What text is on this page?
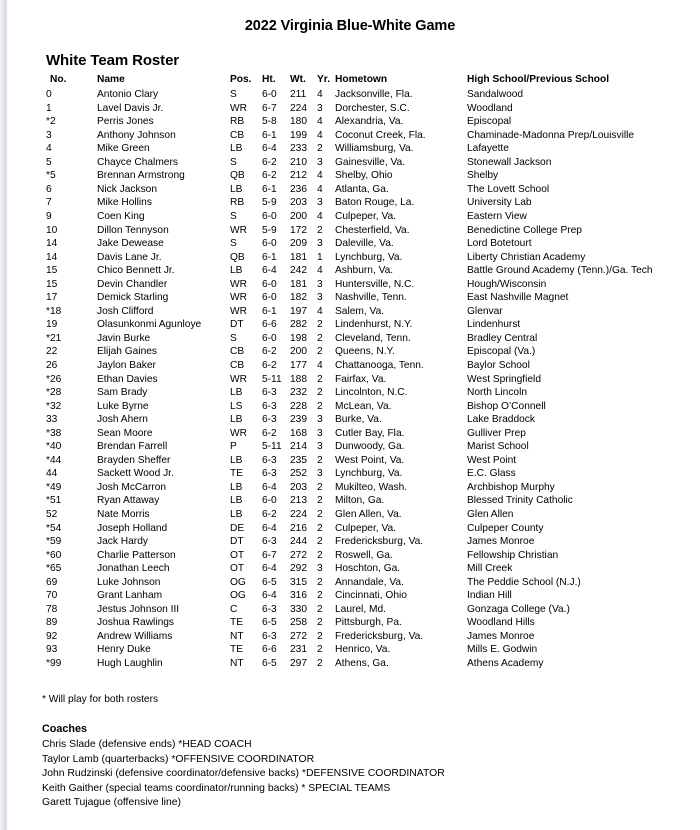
2022 Virginia Blue-White Game
White Team Roster
No.	Name	Pos.	Ht.	Wt.	Yr.	Hometown	High School/Previous School
0	Antonio Clary	S	6-0	211	4	Jacksonville, Fla.	Sandalwood
1	Lavel Davis Jr.	WR	6-7	224	3	Dorchester, S.C.	Woodland
*2	Perris Jones	RB	5-8	180	4	Alexandria, Va.	Episcopal
3	Anthony Johnson	CB	6-1	199	4	Coconut Creek, Fla.	Chaminade-Madonna Prep/Louisville
4	Mike Green	LB	6-4	233	2	Williamsburg, Va.	Lafayette
5	Chayce Chalmers	S	6-2	210	3	Gainesville, Va.	Stonewall Jackson
*5	Brennan Armstrong	QB	6-2	212	4	Shelby, Ohio	Shelby
6	Nick Jackson	LB	6-1	236	4	Atlanta, Ga.	The Lovett School
7	Mike Hollins	RB	5-9	203	3	Baton Rouge, La.	University Lab
9	Coen King	S	6-0	200	4	Culpeper, Va.	Eastern View
10	Dillon Tennyson	WR	5-9	172	2	Chesterfield, Va.	Benedictine College Prep
14	Jake Dewease	S	6-0	209	3	Daleville, Va.	Lord Botetourt
14	Davis Lane Jr.	QB	6-1	181	1	Lynchburg, Va.	Liberty Christian Academy
15	Chico Bennett Jr.	LB	6-4	242	4	Ashburn, Va.	Battle Ground Academy (Tenn.)/Ga. Tech
15	Devin Chandler	WR	6-0	181	3	Huntersville, N.C.	Hough/Wisconsin
17	Demick Starling	WR	6-0	182	3	Nashville, Tenn.	East Nashville Magnet
*18	Josh Clifford	WR	6-1	197	4	Salem, Va.	Glenvar
19	Olasunkonmi Agunloye	DT	6-6	282	2	Lindenhurst, N.Y.	Lindenhurst
*21	Javin Burke	S	6-0	198	2	Cleveland, Tenn.	Bradley Central
22	Elijah Gaines	CB	6-2	200	2	Queens, N.Y.	Episcopal (Va.)
26	Jaylon Baker	CB	6-2	177	4	Chattanooga, Tenn.	Baylor School
*26	Ethan Davies	WR	5-11	188	2	Fairfax, Va.	West Springfield
*28	Sam Brady	LB	6-3	232	2	Lincolnton, N.C.	North Lincoln
*32	Luke Byrne	LS	6-3	228	2	McLean, Va.	Bishop O’Connell
33	Josh Ahern	LB	6-3	239	3	Burke, Va.	Lake Braddock
*38	Sean Moore	WR	6-2	168	3	Cutler Bay, Fla.	Gulliver Prep
*40	Brendan Farrell	P	5-11	214	3	Dunwoody, Ga.	Marist School
*44	Brayden Sheffer	LB	6-3	235	2	West Point, Va.	West Point
44	Sackett Wood Jr.	TE	6-3	252	3	Lynchburg, Va.	E.C. Glass
*49	Josh McCarron	LB	6-4	203	2	Mukilteo, Wash.	Archbishop Murphy
*51	Ryan Attaway	LB	6-0	213	2	Milton, Ga.	Blessed Trinity Catholic
52	Nate Morris	LB	6-2	224	2	Glen Allen, Va.	Glen Allen
*54	Joseph Holland	DE	6-4	216	2	Culpeper, Va.	Culpeper County
*59	Jack Hardy	DT	6-3	244	2	Fredericksburg, Va.	James Monroe
*60	Charlie Patterson	OT	6-7	272	2	Roswell, Ga.	Fellowship Christian
*65	Jonathan Leech	OT	6-4	292	3	Hoschton, Ga.	Mill Creek
69	Luke Johnson	OG	6-5	315	2	Annandale, Va.	The Peddie School (N.J.)
70	Grant Lanham	OG	6-4	316	2	Cincinnati, Ohio	Indian Hill
78	Jestus Johnson III	C	6-3	330	2	Laurel, Md.	Gonzaga College (Va.)
89	Joshua Rawlings	TE	6-5	258	2	Pittsburgh, Pa.	Woodland Hills
92	Andrew Williams	NT	6-3	272	2	Fredericksburg, Va.	James Monroe
93	Henry Duke	TE	6-6	231	2	Henrico, Va.	Mills E. Godwin
*99	Hugh Laughlin	NT	6-5	297	2	Athens, Ga.	Athens Academy
* Will play for both rosters
Coaches
Chris Slade (defensive ends) *HEAD COACH
Taylor Lamb (quarterbacks) *OFFENSIVE COORDINATOR
John Rudzinski (defensive coordinator/defensive backs) *DEFENSIVE COORDINATOR
Keith Gaither (special teams coordinator/running backs) * SPECIAL TEAMS
Garett Tujague (offensive line)
